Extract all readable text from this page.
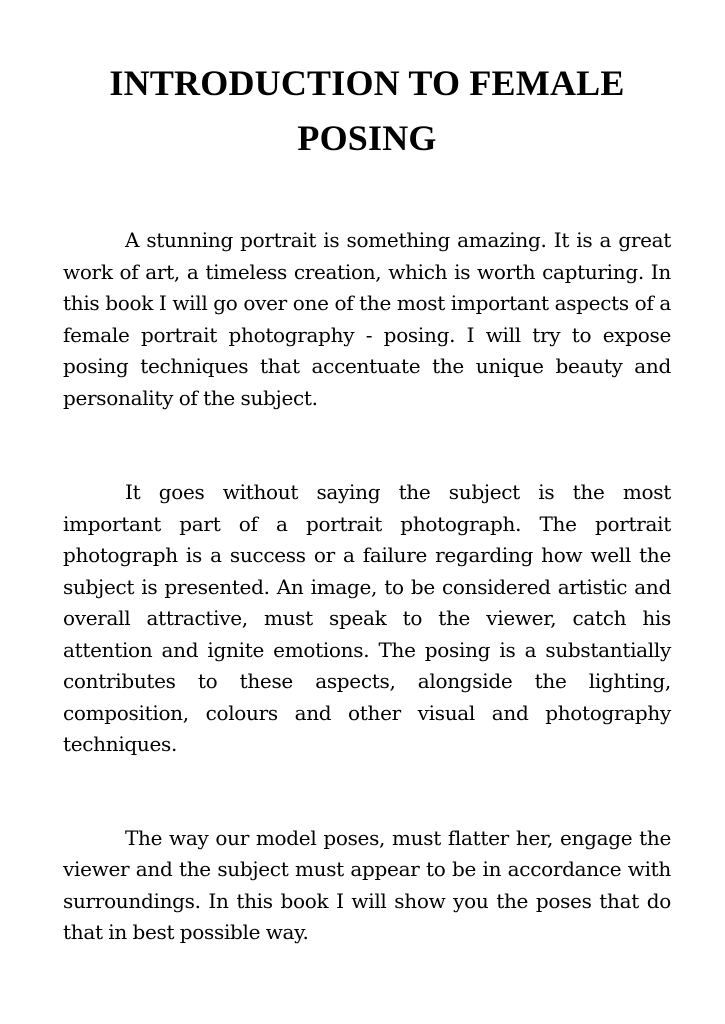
INTRODUCTION TO FEMALE POSING

A stunning portrait is something amazing. It is a great work of art, a timeless creation, which is worth capturing. In this book I will go over one of the most important aspects of a female portrait photography - posing. I will try to expose posing techniques that accentuate the unique beauty and personality of the subject.

It goes without saying the subject is the most important part of a portrait photograph. The portrait photograph is a success or a failure regarding how well the subject is presented. An image, to be considered artistic and overall attractive, must speak to the viewer, catch his attention and ignite emotions. The posing is a substantially contributes to these aspects, alongside the lighting, composition, colours and other visual and photography techniques.

The way our model poses, must flatter her, engage the viewer and the subject must appear to be in accordance with surroundings. In this book I will show you the poses that do that in best possible way.
